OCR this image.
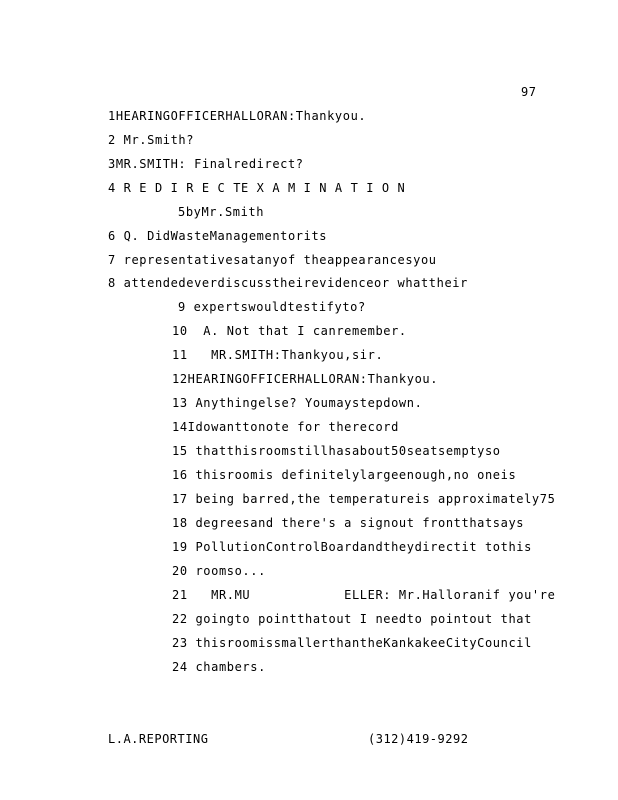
97
1HEARINGOFFICERHALLORAN:Thankyou.
2 Mr.Smith?
3MR.SMITH: Finalredirect?
4 R E D I R E C TE X A M I N A T I O N
5byMr.Smith
6 Q. DidWasteManagementorits
7 representativesatanyof theappearancesyou
8 attendedeverdiscusstheirevidenceor whattheir
9 expertswouldtestifyto?
10  A. Not that I canremember.
11   MR.SMITH:Thankyou,sir.
12HEARINGOFFICERHALLORAN:Thankyou.
13 Anythingelse? Youmaystepdown.
14Idowanttonote for therecord
15 thatthisroomstillhasabout50seatsemptyso
16 thisroomis definitelylargeenough,no oneis
17 being barred,the temperatureis approximately75
18 degreesand there's a signout frontthatsays
19 PollutionControlBoardandtheydirectit tothis
20 roomso...
21   MR.MU            ELLER: Mr.Halloranif you're
22 goingto pointthatout I needto pointout that
23 thisroomissmallerthantheKankakeeCityCouncil
24 chambers.
L.A.REPORTING	(312)419-9292
